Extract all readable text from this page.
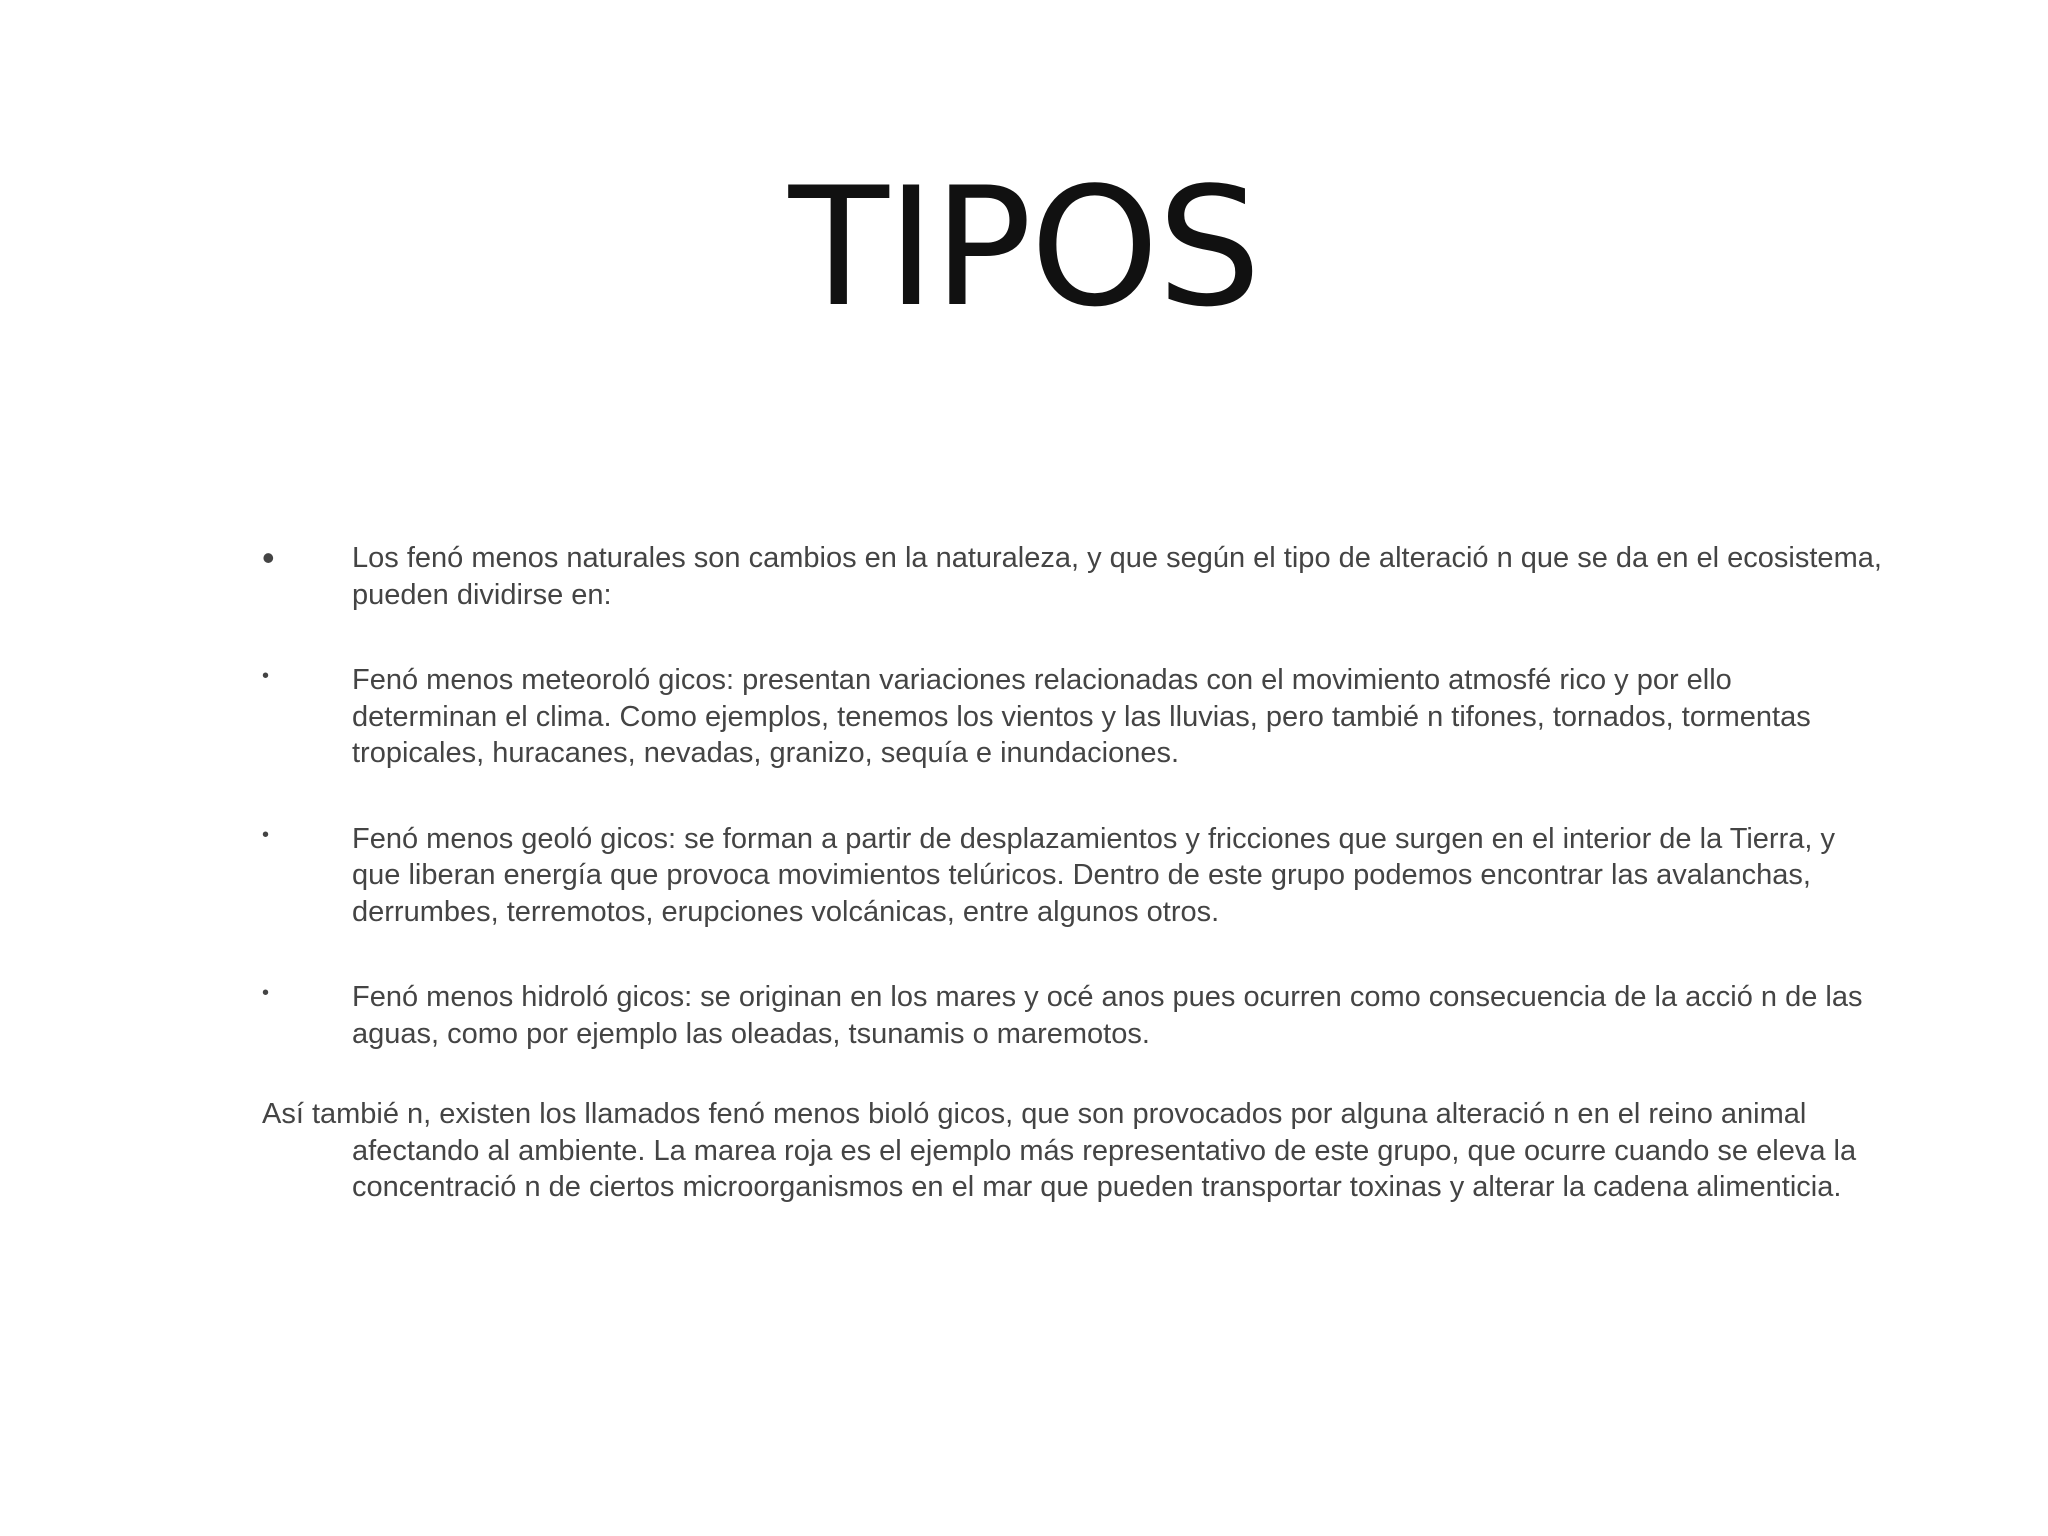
TIPOS
•	Los fenó menos naturales son cambios en la naturaleza, y que según el tipo de alteració n que se da en el ecosistema, pueden dividirse en:
•	Fenó menos meteoroló gicos: presentan variaciones relacionadas con el movimiento atmosfé rico y por ello determinan el clima. Como ejemplos, tenemos los vientos y las lluvias, pero tambié n tifones, tornados, tormentas tropicales, huracanes, nevadas, granizo, sequía e inundaciones.
•	Fenó menos geoló gicos: se forman a partir de desplazamientos y fricciones que surgen en el interior de la Tierra, y que liberan energía que provoca movimientos telúricos. Dentro de este grupo podemos encontrar las avalanchas, derrumbes, terremotos, erupciones volcánicas, entre algunos otros.
•	Fenó menos hidroló gicos: se originan en los mares y océ anos pues ocurren como consecuencia de la acció n de las aguas, como por ejemplo las oleadas, tsunamis o maremotos.
Así tambié n, existen los llamados fenó menos bioló gicos, que son provocados por alguna alteració n en el reino animal afectando al ambiente. La marea roja es el ejemplo más representativo de este grupo, que ocurre cuando se eleva la concentració n de ciertos microorganismos en el mar que pueden transportar toxinas y alterar la cadena alimenticia.
